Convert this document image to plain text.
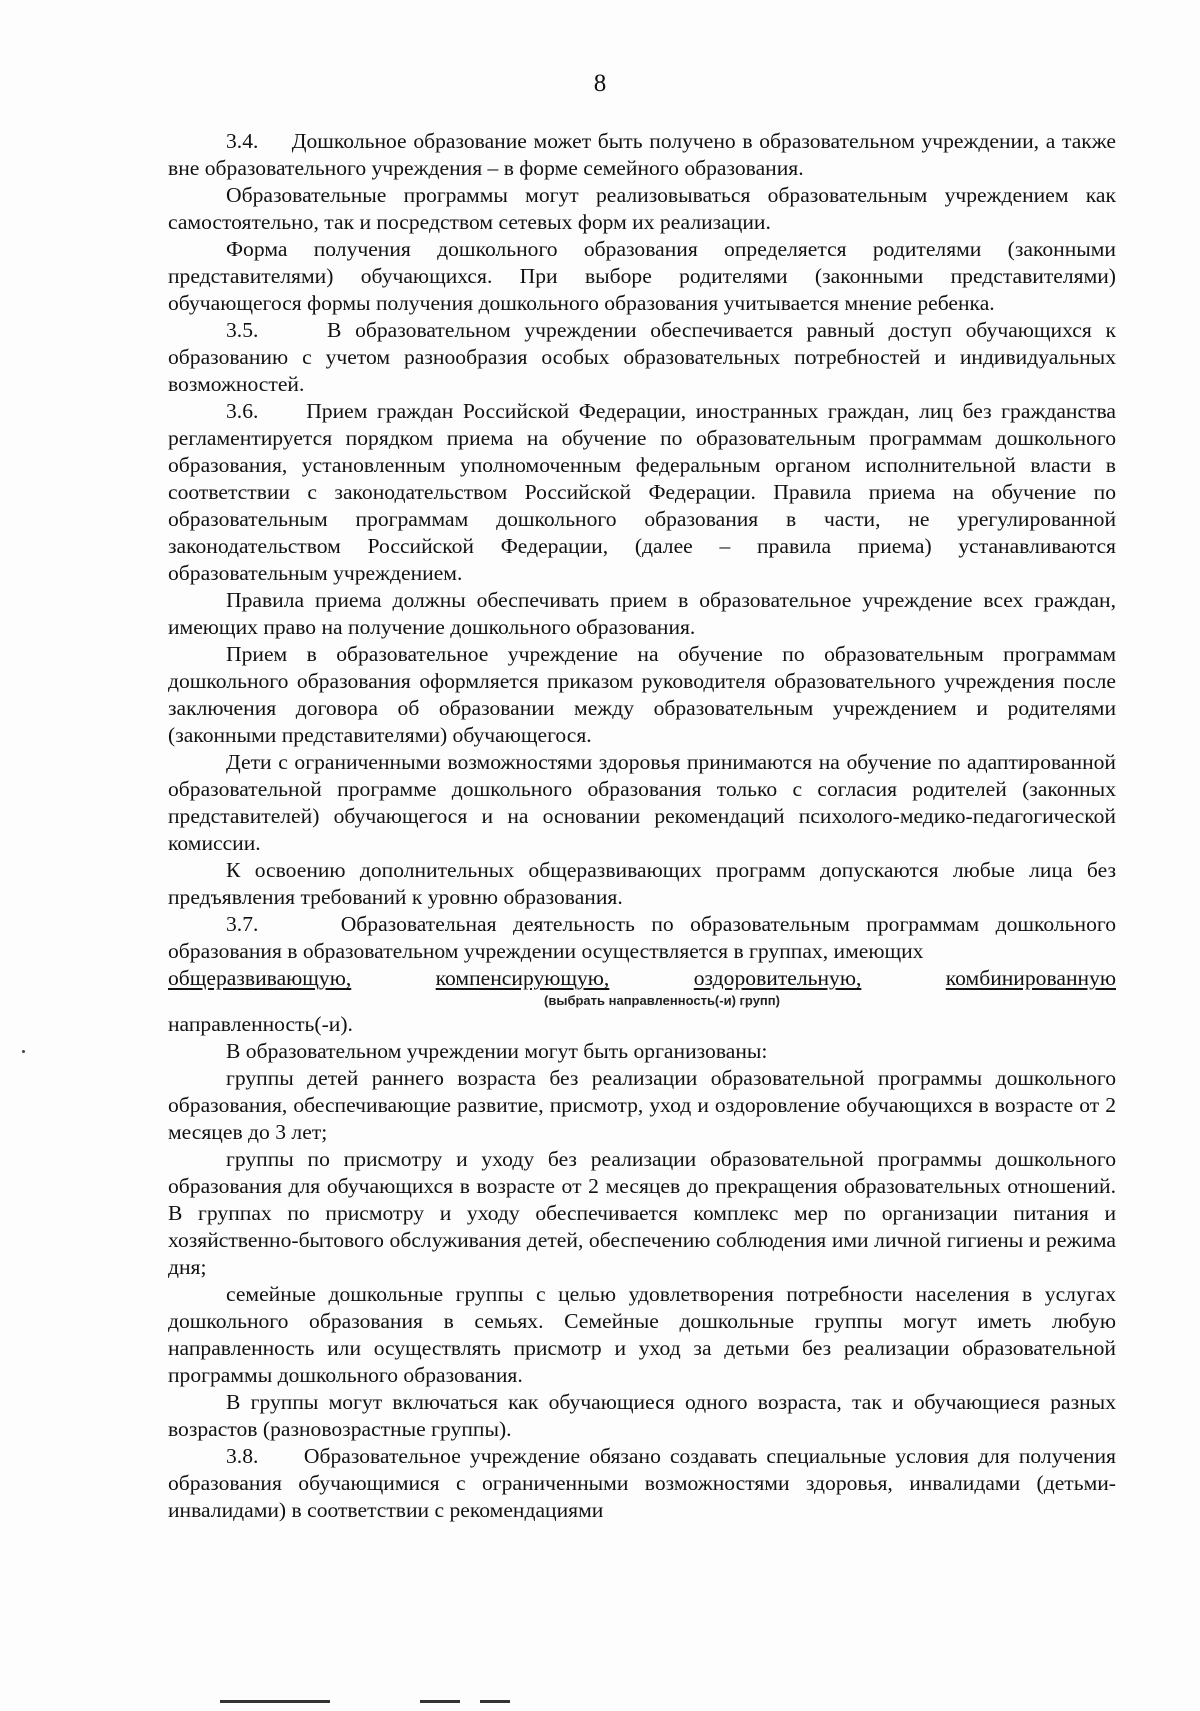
8

3.4.     Дошкольное образование может быть получено в образовательном учреждении, а также вне образовательного учреждения – в форме семейного образования.

Образовательные программы могут реализовываться образовательным учреждением как самостоятельно, так и посредством сетевых форм их реализации.

Форма получения дошкольного образования определяется родителями (законными представителями) обучающихся. При выборе родителями (законными представителями) обучающегося формы получения дошкольного образования учитывается мнение ребенка.

3.5.     В образовательном учреждении обеспечивается равный доступ обучающихся к образованию с учетом разнообразия особых образовательных потребностей и индивидуальных возможностей.

3.6.     Прием граждан Российской Федерации, иностранных граждан, лиц без гражданства регламентируется порядком приема на обучение по образовательным программам дошкольного образования, установленным уполномоченным федеральным органом исполнительной власти в соответствии с законодательством Российской Федерации. Правила приема на обучение по образовательным программам дошкольного образования в части, не урегулированной законодательством Российской Федерации, (далее – правила приема) устанавливаются образовательным учреждением.

Правила приема должны обеспечивать прием в образовательное учреждение всех граждан, имеющих право на получение дошкольного образования.

Прием в образовательное учреждение на обучение по образовательным программам дошкольного образования оформляется приказом руководителя образовательного учреждения после заключения договора об образовании между образовательным учреждением и родителями (законными представителями) обучающегося.

Дети с ограниченными возможностями здоровья принимаются на обучение по адаптированной образовательной программе дошкольного образования только с согласия родителей (законных представителей) обучающегося и на основании рекомендаций психолого-медико-педагогической комиссии.

К освоению дополнительных общеразвивающих программ допускаются любые лица без предъявления требований к уровню образования.

3.7.     Образовательная деятельность по образовательным программам дошкольного образования в образовательном учреждении осуществляется в группах, имеющих

общеразвивающую,	компенсирующую,	оздоровительную,	комбинированную
(выбрать направленность(-и) групп)

направленность(-и).

В образовательном учреждении могут быть организованы:

группы детей раннего возраста без реализации образовательной программы дошкольного образования, обеспечивающие развитие, присмотр, уход и оздоровление обучающихся в возрасте от 2 месяцев до 3 лет;

группы по присмотру и уходу без реализации образовательной программы дошкольного образования для обучающихся в возрасте от 2 месяцев до прекращения образовательных отношений. В группах по присмотру и уходу обеспечивается комплекс мер по организации питания и хозяйственно-бытового обслуживания детей, обеспечению соблюдения ими личной гигиены и режима дня;

семейные дошкольные группы с целью удовлетворения потребности населения в услугах дошкольного образования в семьях. Семейные дошкольные группы могут иметь любую направленность или осуществлять присмотр и уход за детьми без реализации образовательной программы дошкольного образования.

В группы могут включаться как обучающиеся одного возраста, так и обучающиеся разных возрастов (разновозрастные группы).

3.8.     Образовательное учреждение обязано создавать специальные условия для получения образования обучающимися с ограниченными возможностями здоровья, инвалидами (детьми-инвалидами) в соответствии с рекомендациями
